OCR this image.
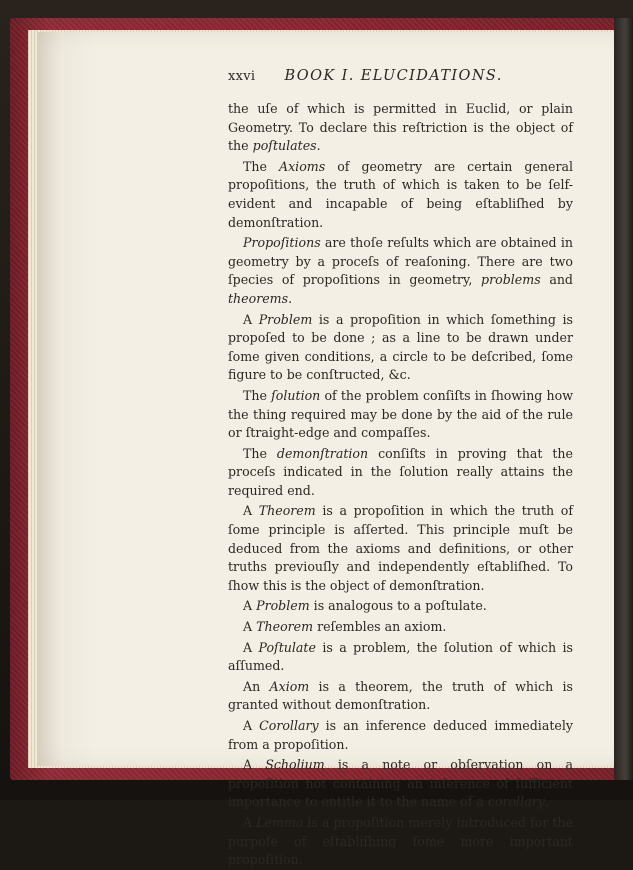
xxvi BOOK I. ELUCIDATIONS.

the uſe of which is permitted in Euclid, or plain Geometry. To declare this reſtriction is the object of the poſtulates.

The Axioms of geometry are certain general propoſitions, the truth of which is taken to be ſelf-evident and incapable of being eſtabliſhed by demonſtration.

Propoſitions are thoſe reſults which are obtained in geometry by a proceſs of reaſoning. There are two ſpecies of propoſitions in geometry, problems and theorems.

A Problem is a propoſition in which ſomething is propoſed to be done ; as a line to be drawn under ſome given conditions, a circle to be deſcribed, ſome figure to be conſtructed, &c.

The ſolution of the problem conſiſts in ſhowing how the thing required may be done by the aid of the rule or ſtraight-edge and compaſſes.

The demonſtration conſiſts in proving that the proceſs indicated in the ſolution really attains the required end.

A Theorem is a propoſition in which the truth of ſome principle is aſſerted. This principle muſt be deduced from the axioms and definitions, or other truths previouſly and independently eſtabliſhed. To ſhow this is the object of demonſtration.

A Problem is analogous to a poſtulate.

A Theorem reſembles an axiom.

A Poſtulate is a problem, the ſolution of which is aſſumed.

An Axiom is a theorem, the truth of which is granted without demonſtration.

A Corollary is an inference deduced immediately from a propoſition.

A Scholium is a note or obſervation on a propoſition not containing an inference of ſufficient importance to entitle it to the name of a corollary.

A Lemma is a propoſition merely introduced for the purpoſe of eſtabliſhing ſome more important propoſition.
